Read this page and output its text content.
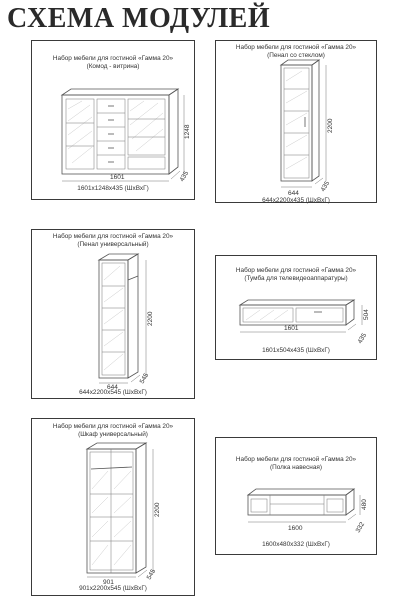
СХЕМА МОДУЛЕЙ
Набор мебели для гостиной «Гамма 20»
(Комод - витрина)
1601
1248
435
1601х1248х435 (ШхВхГ)
Набор мебели для гостиной «Гамма 20»
(Пенал со стеклом)
644
2200
435
644х2200х435 (ШхВхГ)
Набор мебели для гостиной «Гамма 20»
(Пенал универсальный)
644
2200
545
644х2200х545 (ШхВхГ)
Набор мебели для гостиной «Гамма 20»
(Тумба для телевидеоаппаратуры)
1601
504
435
1601х504х435 (ШхВхГ)
Набор мебели для гостиной «Гамма 20»
(Шкаф универсальный)
901
2200
545
901х2200х545 (ШхВхГ)
Набор мебели для гостиной «Гамма 20»
(Полка навесная)
1600
480
332
1600х480х332 (ШхВхГ)
